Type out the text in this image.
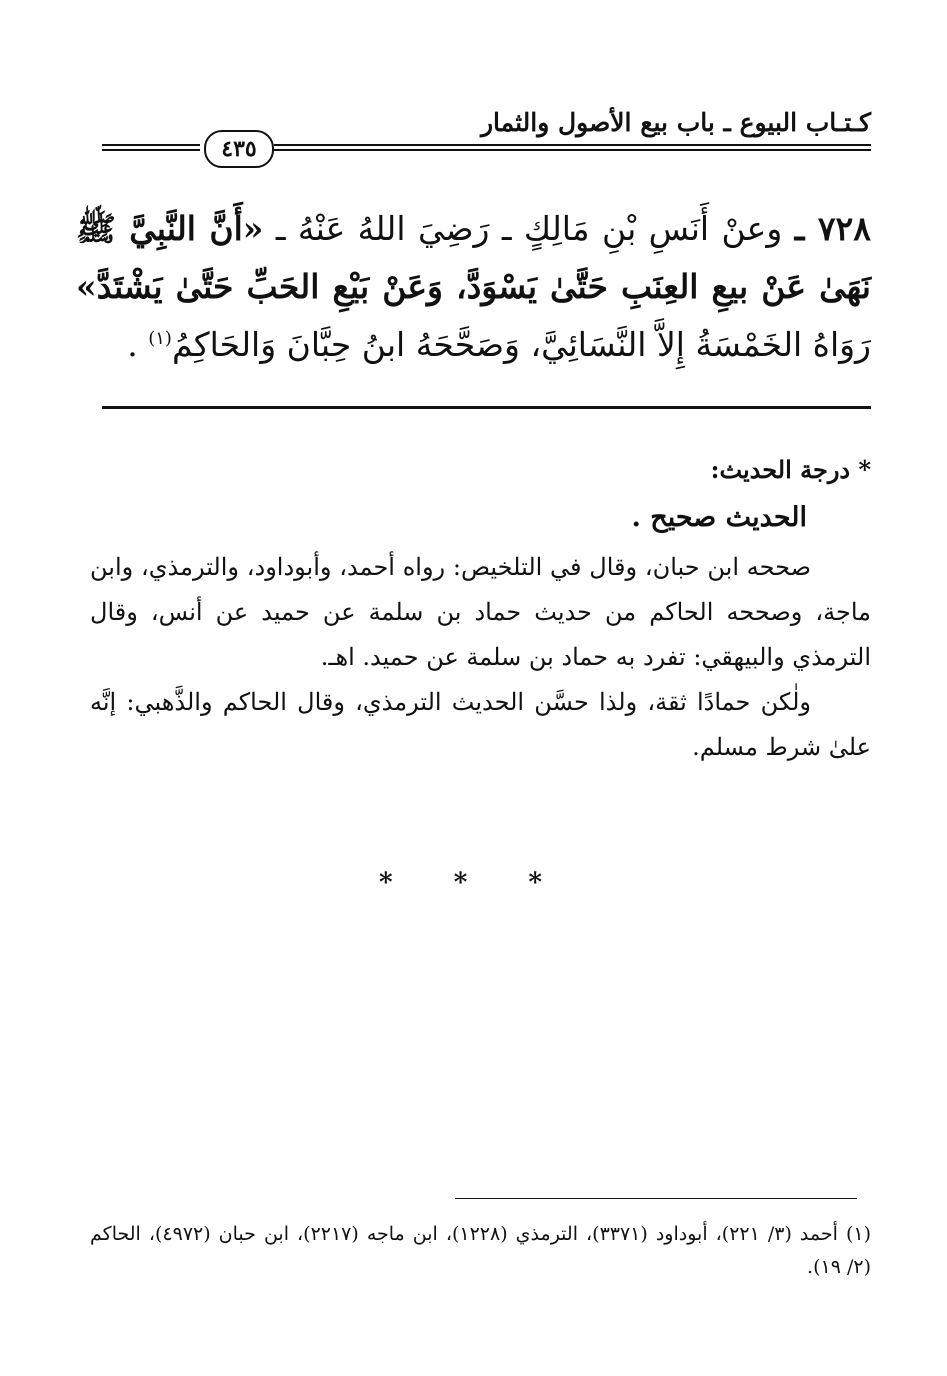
كـتـاب البيوع ـ باب بيع الأصول والثمار
٤٣٥
٧٢٨ ـ وعنْ أَنَسِ بْنِ مَالِكٍ ـ رَضِيَ اللهُ عَنْهُ ـ «أَنَّ النَّبِيَّ ﷺ نَهَىٰ عَنْ بيعِ العِنَبِ حَتَّىٰ يَسْوَدَّ، وَعَنْ بَيْعِ الحَبِّ حَتَّىٰ يَشْتَدَّ» رَوَاهُ الخَمْسَةُ إِلاَّ النَّسَائِيَّ، وَصَحَّحَهُ ابنُ حِبَّانَ وَالحَاكِمُ$^{(١)}$ .
* درجة الحديث:
الحديث صحيح .

صححه ابن حبان، وقال في التلخيص: رواه أحمد، وأبوداود، والترمذي، وابن ماجة، وصححه الحاكم من حديث حماد بن سلمة عن حميد عن أنس، وقال الترمذي والبيهقي: تفرد به حماد بن سلمة عن حميد. اهـ.

ولٰكن حمادًا ثقة، ولذا حسَّن الحديث الترمذي، وقال الحاكم والذَّهبي: إنَّه علىٰ شرط مسلم.

* * *
(١) أحمد (٣/ ٢٢١)، أبوداود (٣٣٧١)، الترمذي (١٢٢٨)، ابن ماجه (٢٢١٧)، ابن حبان (٤٩٧٢)، الحاكم (٢/ ١٩).
